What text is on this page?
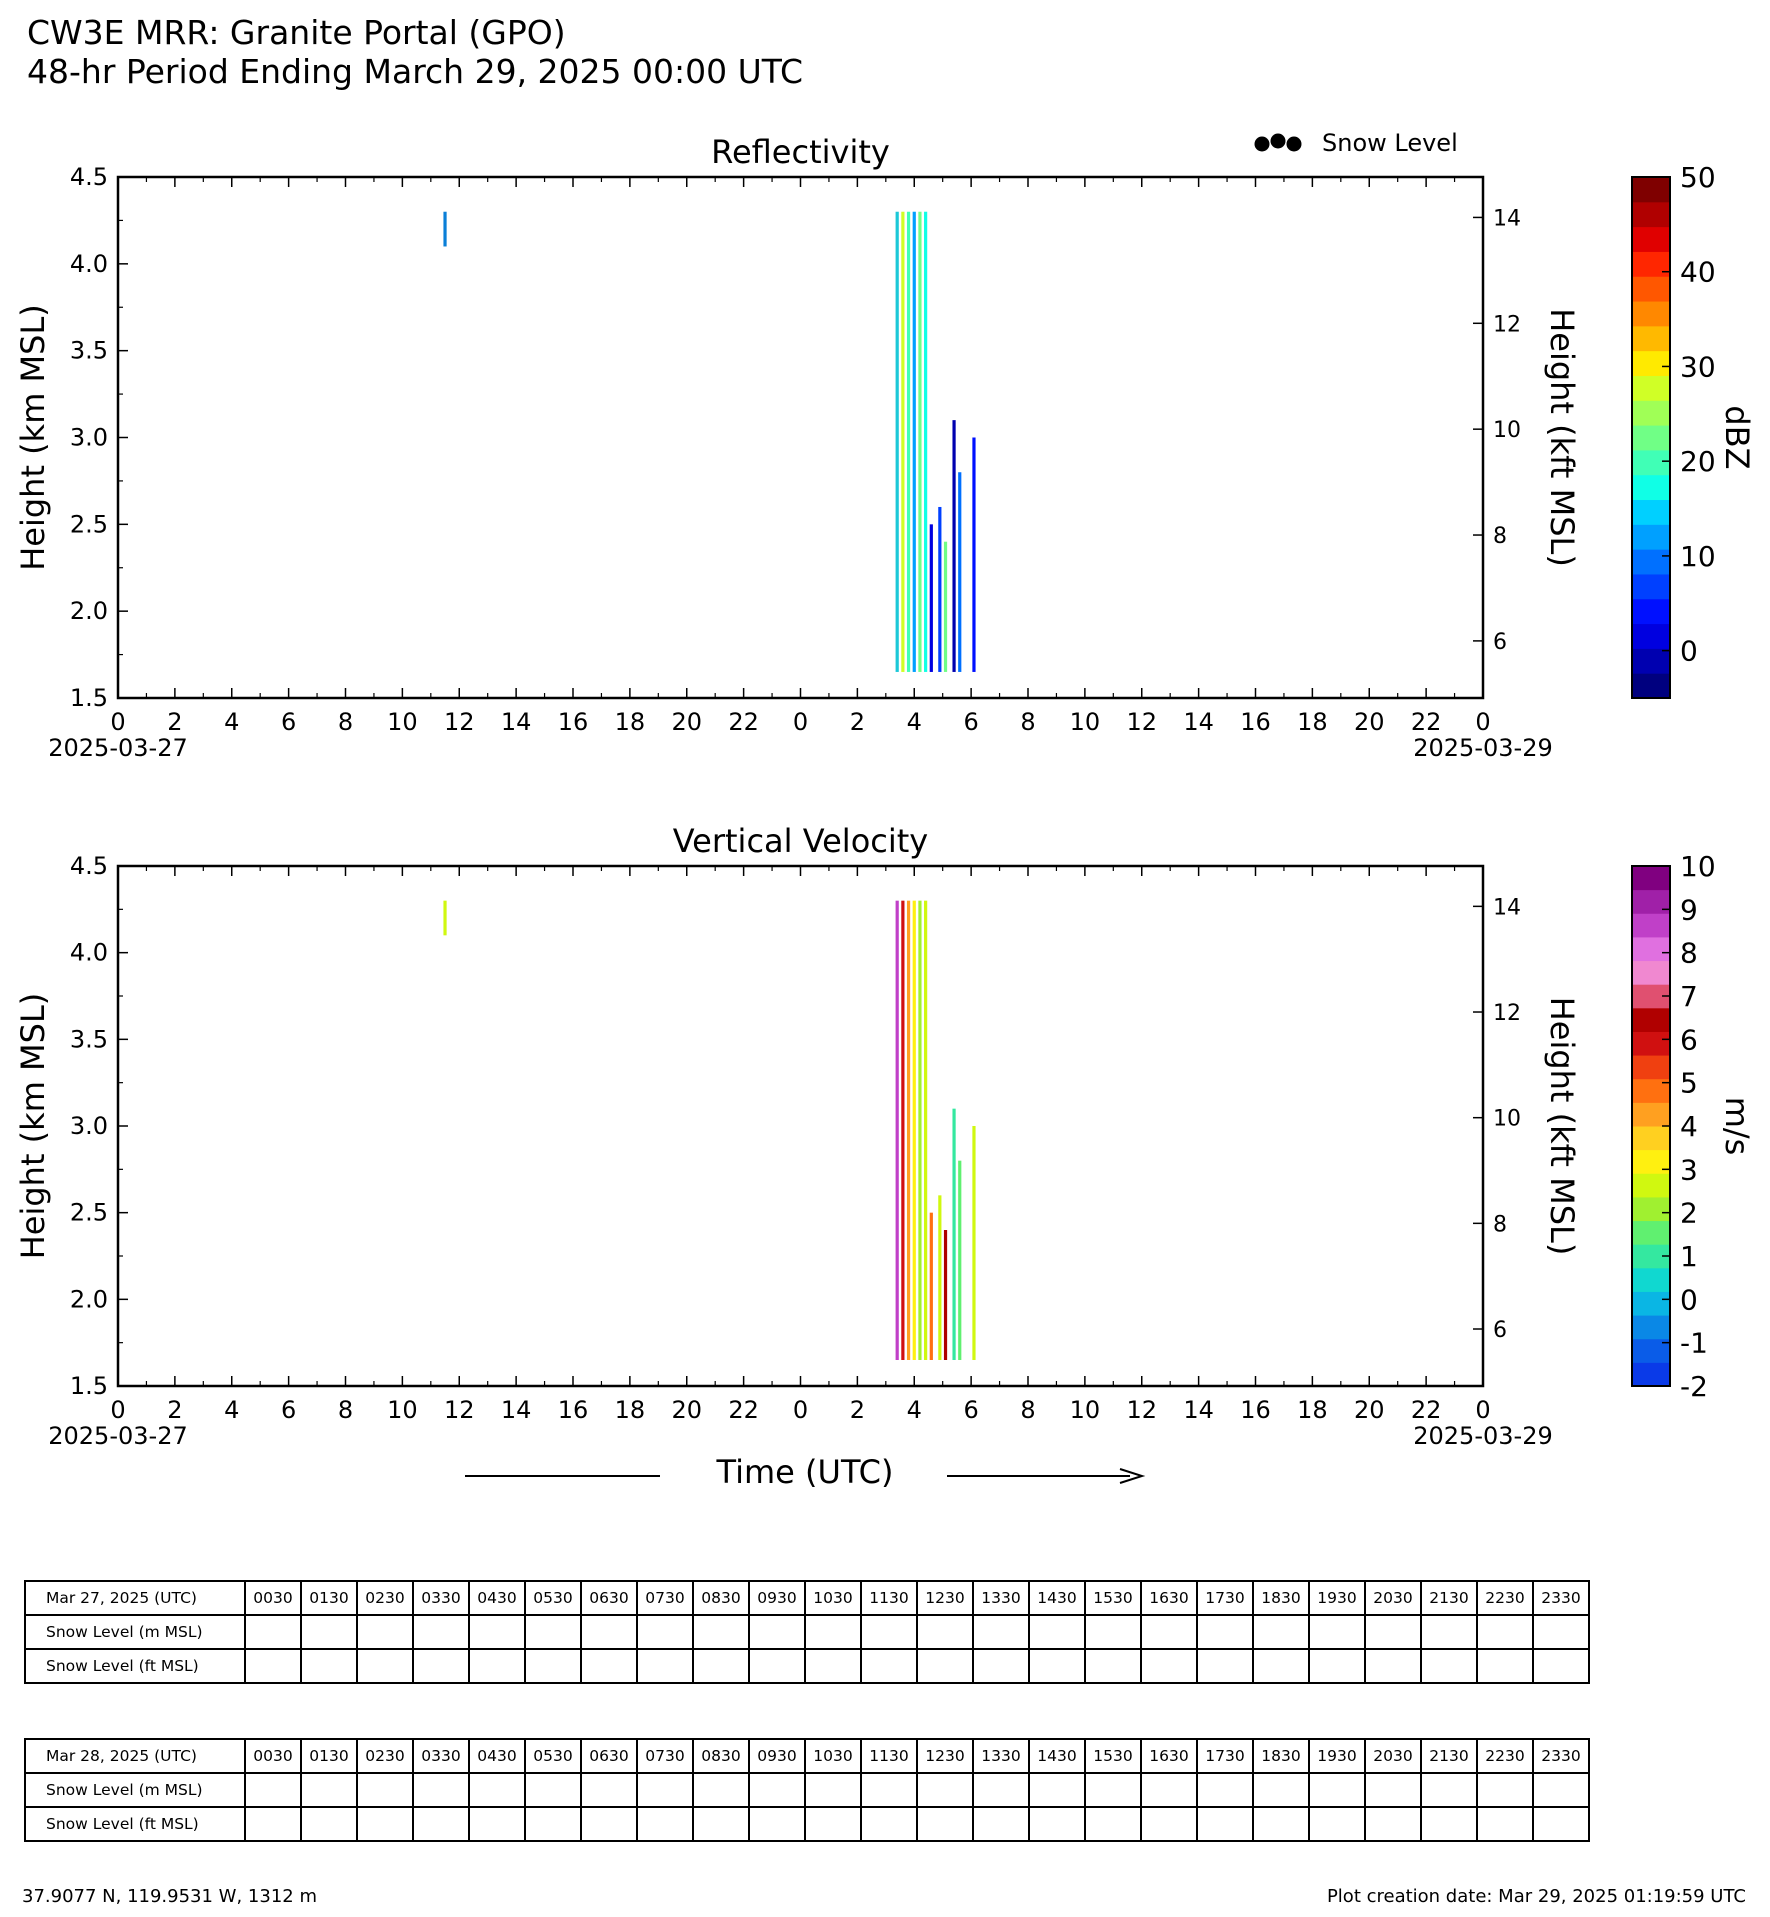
CW3E MRR: Granite Portal (GPO)
48-hr Period Ending March 29, 2025 00:00 UTC
Reflectivity
0 2 4 6 8 10 12 14 16 18 20 22 0 2 4 6 8 10 12 14 16 18 20 22 0
2025-03-27	2025-03-29
1.5
2.0
2.5
3.0
3.5
4.0
4.5
Height (km MSL)
6
8
10
12
14
Height (kft MSL)
0
10
20
30
40
50
dBZ
Vertical Velocity
0 2 4 6 8 10 12 14 16 18 20 22 0 2 4 6 8 10 12 14 16 18 20 22 0
2025-03-27	2025-03-29
1.5
2.0
2.5
3.0
3.5
4.0
4.5
Height (km MSL)
6
8
10
12
14
Height (kft MSL)
-2
-1
0
1
2
3
4
5
6
7
8
9
10
m/s
Snow Level
Time (UTC)
Mar 27, 2025 (UTC)	0030	0130	0230	0330	0430	0530	0630	0730	0830	0930	1030	1130	1230	1330	1430	1530	1630	1730	1830	1930	2030	2130	2230	2330
Snow Level (m MSL)																								
Snow Level (ft MSL)																								
Mar 28, 2025 (UTC)	0030	0130	0230	0330	0430	0530	0630	0730	0830	0930	1030	1130	1230	1330	1430	1530	1630	1730	1830	1930	2030	2130	2230	2330
Snow Level (m MSL)																								
Snow Level (ft MSL)																								
37.9077 N, 119.9531 W, 1312 m	Plot creation date: Mar 29, 2025 01:19:59 UTC
